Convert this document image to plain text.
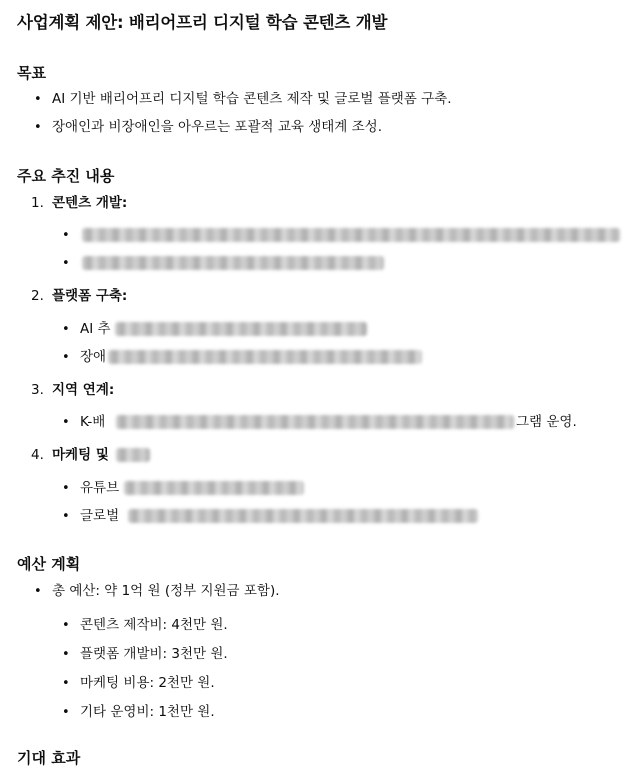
사업계획 제안: 배리어프리 디지털 학습 콘텐츠 개발
목표
• AI 기반 배리어프리 디지털 학습 콘텐츠 제작 및 글로벌 플랫폼 구축.
• 장애인과 비장애인을 아우르는 포괄적 교육 생태계 조성.
주요 추진 내용
1. 콘텐츠 개발:
•
•
2. 플랫폼 구축:
• AI 추
• 장애
3. 지역 연계:
• K-배	그램 운영.
4. 마케팅 및
• 유튜브
• 글로벌
예산 계획
• 총 예산: 약 1억 원 (정부 지원금 포함).
• 콘텐츠 제작비: 4천만 원.
• 플랫폼 개발비: 3천만 원.
• 마케팅 비용: 2천만 원.
• 기타 운영비: 1천만 원.
기대 효과
